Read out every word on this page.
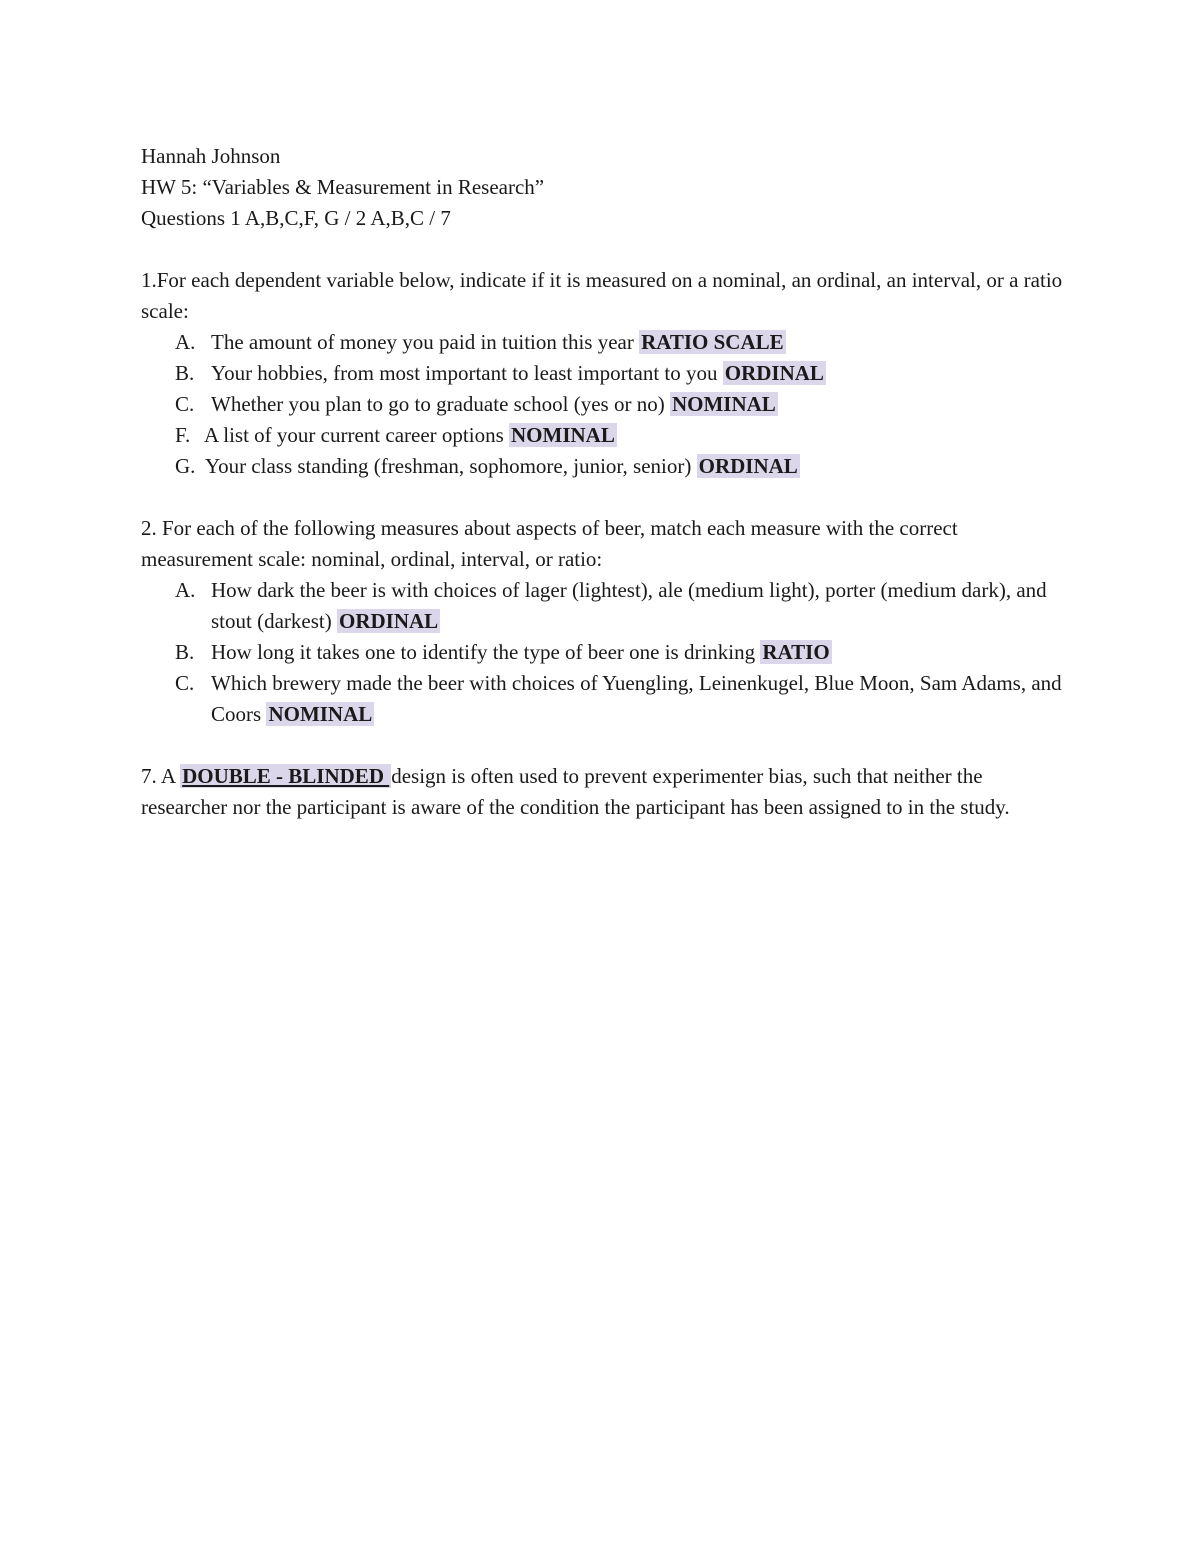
Hannah Johnson
HW 5: “Variables & Measurement in Research”
Questions 1 A,B,C,F, G / 2 A,B,C / 7

1.For each dependent variable below, indicate if it is measured on a nominal, an ordinal, an interval, or a ratio scale:

A. The amount of money you paid in tuition this year RATIO SCALE
B. Your hobbies, from most important to least important to you ORDINAL
C. Whether you plan to go to graduate school (yes or no) NOMINAL
F. A list of your current career options NOMINAL
G. Your class standing (freshman, sophomore, junior, senior) ORDINAL

2. For each of the following measures about aspects of beer, match each measure with the correct measurement scale: nominal, ordinal, interval, or ratio:

A. How dark the beer is with choices of lager (lightest), ale (medium light), porter (medium dark), and stout (darkest) ORDINAL
B. How long it takes one to identify the type of beer one is drinking RATIO
C. Which brewery made the beer with choices of Yuengling, Leinenkugel, Blue Moon, Sam Adams, and Coors NOMINAL

7. A DOUBLE - BLINDED design is often used to prevent experimenter bias, such that neither the researcher nor the participant is aware of the condition the participant has been assigned to in the study.
